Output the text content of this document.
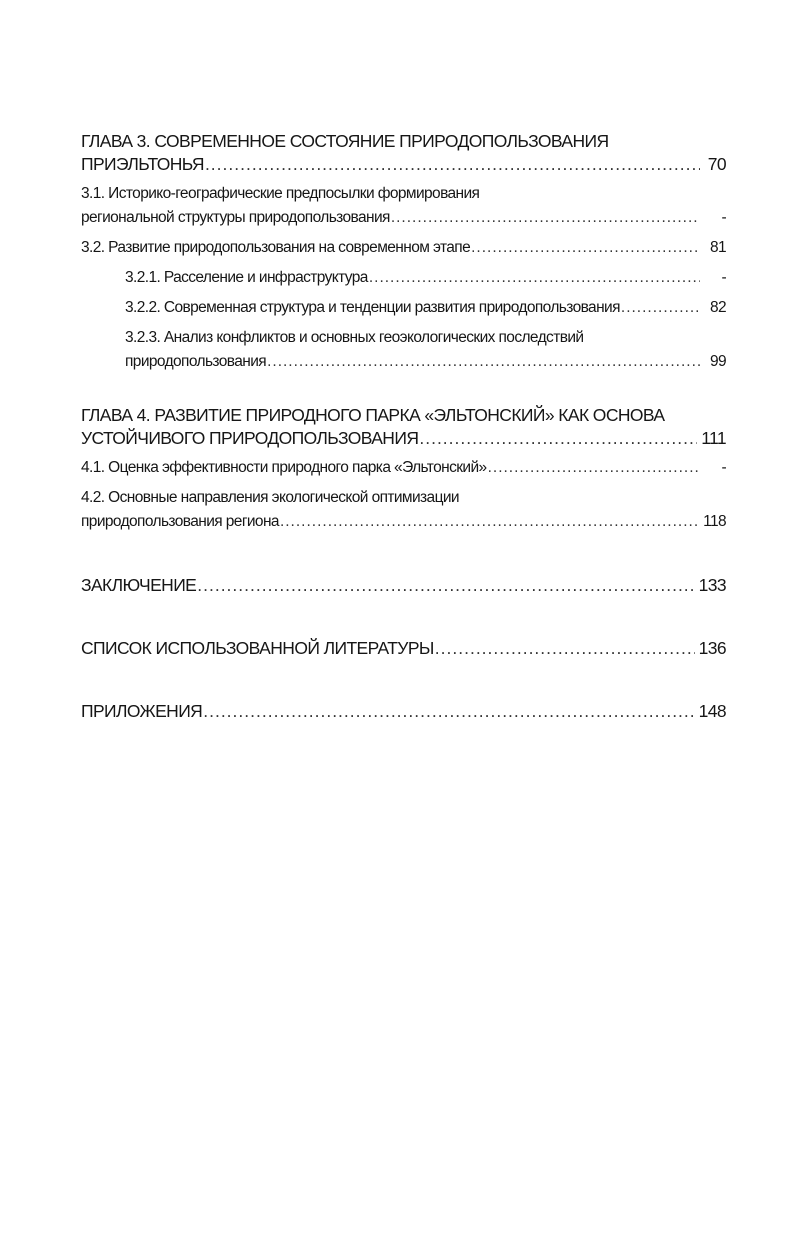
ГЛАВА 3. СОВРЕМЕННОЕ СОСТОЯНИЕ ПРИРОДОПОЛЬЗОВАНИЯ
ПРИЭЛЬТОНЬЯ .....	70
3.1. Историко-географические предпосылки формирования
региональной структуры природопользования .....	-
3.2. Развитие природопользования на современном этапе .....	81
3.2.1. Расселение и инфраструктура .....	-
3.2.2. Современная структура и тенденции развития природопользования .....	82
3.2.3. Анализ конфликтов и основных геоэкологических последствий
природопользования .....	99
ГЛАВА 4. РАЗВИТИЕ ПРИРОДНОГО ПАРКА «ЭЛЬТОНСКИЙ» КАК ОСНОВА
УСТОЙЧИВОГО ПРИРОДОПОЛЬЗОВАНИЯ .....	111
4.1. Оценка эффективности природного парка «Эльтонский» .....	-
4.2. Основные направления экологической оптимизации
природопользования региона .....	118
ЗАКЛЮЧЕНИЕ .....	133
СПИСОК ИСПОЛЬЗОВАННОЙ ЛИТЕРАТУРЫ .....	136
ПРИЛОЖЕНИЯ .....	148
